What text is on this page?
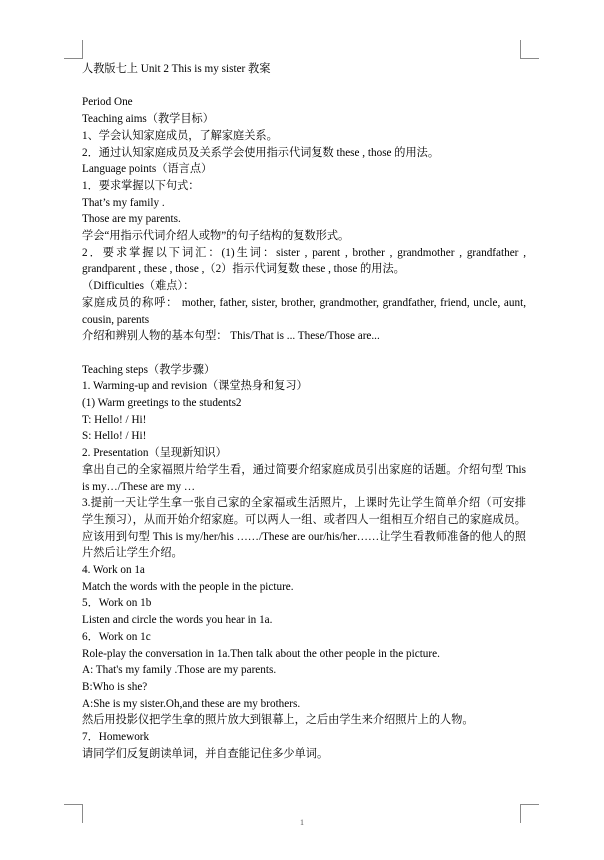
人教版七上 Unit 2 This is my sister 教案

Period One

Teaching aims（教学目标）

1、学会认知家庭成员，了解家庭关系。

2．通过认知家庭成员及关系学会使用指示代词复数 these , those 的用法。

Language points（语言点）

1．要求掌握以下句式：

That’s my family .

Those are my parents.

学会“用指示代词介绍人或物”的句子结构的复数形式。

2．要求掌握以下词汇：(1)生词：sister , parent , brother , grandmother , grandfather , grandparent , these , those ,（2）指示代词复数 these , those 的用法。

（Difficulties（难点）：

家庭成员的称呼： mother, father, sister, brother, grandmother, grandfather, friend, uncle, aunt, cousin, parents

介绍和辨别人物的基本句型： This/That is ... These/Those are...

Teaching steps（教学步骤）

1. Warming-up and revision（课堂热身和复习）

(1) Warm greetings to the students2

T: Hello! / Hi!

S: Hello! / Hi!

2. Presentation（呈现新知识）

拿出自己的全家福照片给学生看，通过简要介绍家庭成员引出家庭的话题。介绍句型 This is my…/These are my …

3.提前一天让学生拿一张自己家的全家福或生活照片，上课时先让学生简单介绍（可安排学生预习），从而开始介绍家庭。可以两人一组、或者四人一组相互介绍自己的家庭成员。应该用到句型 This is my/her/his ……/These are our/his/her……让学生看教师准备的他人的照片然后让学生介绍。

4. Work on 1a

Match the words with the people in the picture.

5．Work on 1b

Listen and circle the words you hear in 1a.

6．Work on 1c

Role-play the conversation in 1a.Then talk about the other people in the picture.

A: That's my family .Those are my parents.

B:Who is she?

A:She is my sister.Oh,and these are my brothers.

然后用投影仪把学生拿的照片放大到银幕上，之后由学生来介绍照片上的人物。

7．Homework

请同学们反复朗读单词，并自查能记住多少单词。

1
